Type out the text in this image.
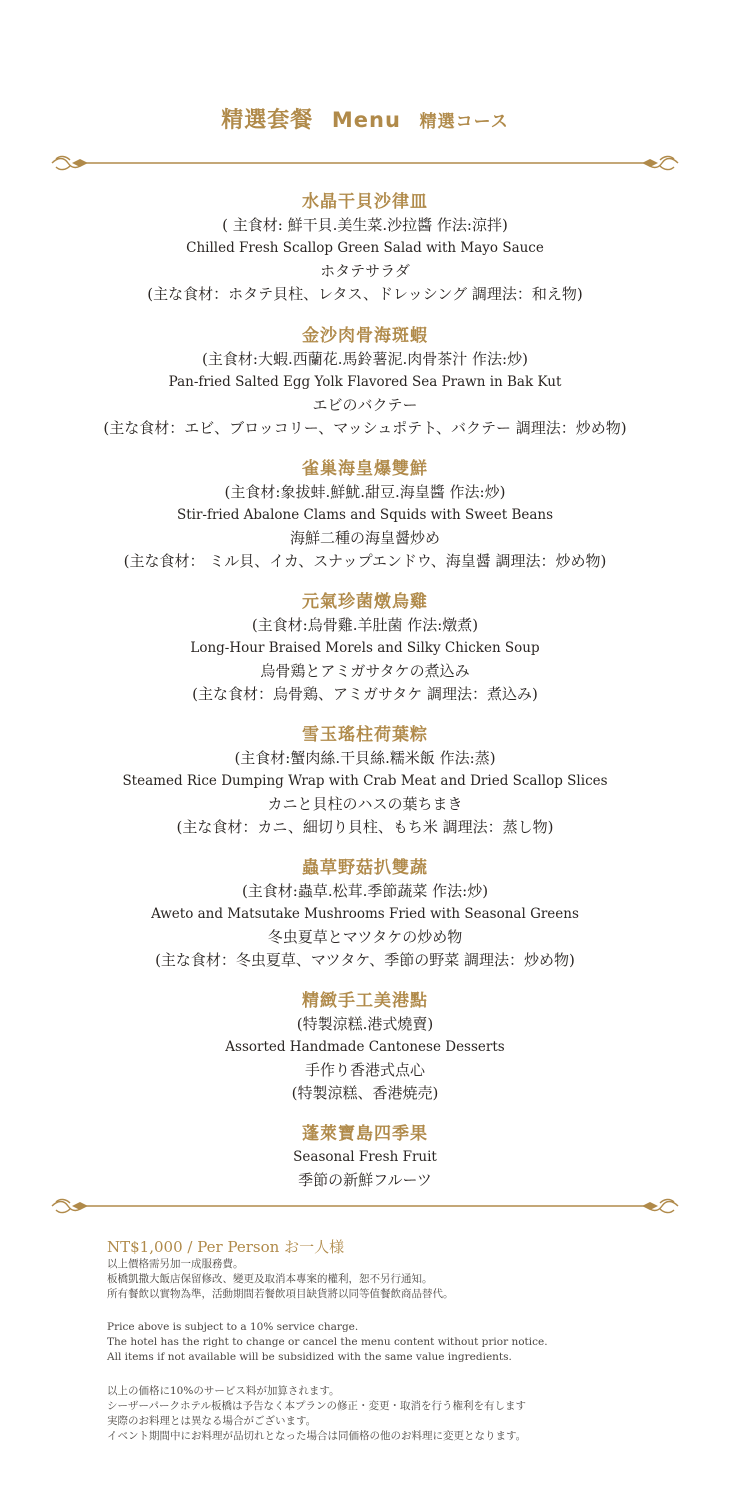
精選套餐 Menu 精選コース
水晶干貝沙律皿
( 主食材: 鮮干貝.美生菜.沙拉醬 作法:涼拌)
Chilled Fresh Scallop Green Salad with Mayo Sauce
ホタテサラダ
(主な食材：ホタテ貝柱、レタス、ドレッシング 調理法：和え物)
金沙肉骨海斑蝦
(主食材:大蝦.西蘭花.馬鈴薯泥.肉骨茶汁 作法:炒)
Pan-fried Salted Egg Yolk Flavored Sea Prawn in Bak Kut
エビのバクテー
(主な食材：エビ、ブロッコリー、マッシュポテト、バクテー 調理法：炒め物)
雀巢海皇爆雙鮮
(主食材:象拔蚌.鮮魷.甜豆.海皇醬 作法:炒)
Stir-fried Abalone Clams and Squids with Sweet Beans
海鮮二種の海皇醤炒め
(主な食材： ミル貝、イカ、スナップエンドウ、海皇醤 調理法：炒め物)
元氣珍菌燉烏雞
(主食材:烏骨雞.羊肚菌 作法:燉煮)
Long-Hour Braised Morels and Silky Chicken Soup
烏骨鶏とアミガサタケの煮込み
(主な食材：烏骨鶏、アミガサタケ 調理法：煮込み)
雪玉瑤柱荷葉粽
(主食材:蟹肉絲.干貝絲.糯米飯 作法:蒸)
Steamed Rice Dumping Wrap with Crab Meat and Dried Scallop Slices
カニと貝柱のハスの葉ちまき
(主な食材：カニ、細切り貝柱、もち米 調理法：蒸し物)
蟲草野菇扒雙蔬
(主食材:蟲草.松茸.季節蔬菜 作法:炒)
Aweto and Matsutake Mushrooms Fried with Seasonal Greens
冬虫夏草とマツタケの炒め物
(主な食材：冬虫夏草、マツタケ、季節の野菜 調理法：炒め物)
精緻手工美港點
(特製涼糕.港式燒賣)
Assorted Handmade Cantonese Desserts
手作り香港式点心
(特製涼糕、香港焼売)
蓬萊寶島四季果
Seasonal Fresh Fruit
季節の新鮮フルーツ
NT$1,000 / Per Person お一人様
以上價格需另加一成服務費。
板橋凱撒大飯店保留修改、變更及取消本專案的權利，恕不另行通知。
所有餐飲以實物為準，活動期間若餐飲項目缺貨將以同等值餐飲商品替代。
Price above is subject to a 10% service charge.
The hotel has the right to change or cancel the menu content without prior notice.
All items if not available will be subsidized with the same value ingredients.
以上の価格に10%のサービス料が加算されます。
シーザーパークホテル板橋は予告なく本プランの修正・変更・取消を行う権利を有します
実際のお料理とは異なる場合がございます。
イベント期間中にお料理が品切れとなった場合は同価格の他のお料理に変更となります。
